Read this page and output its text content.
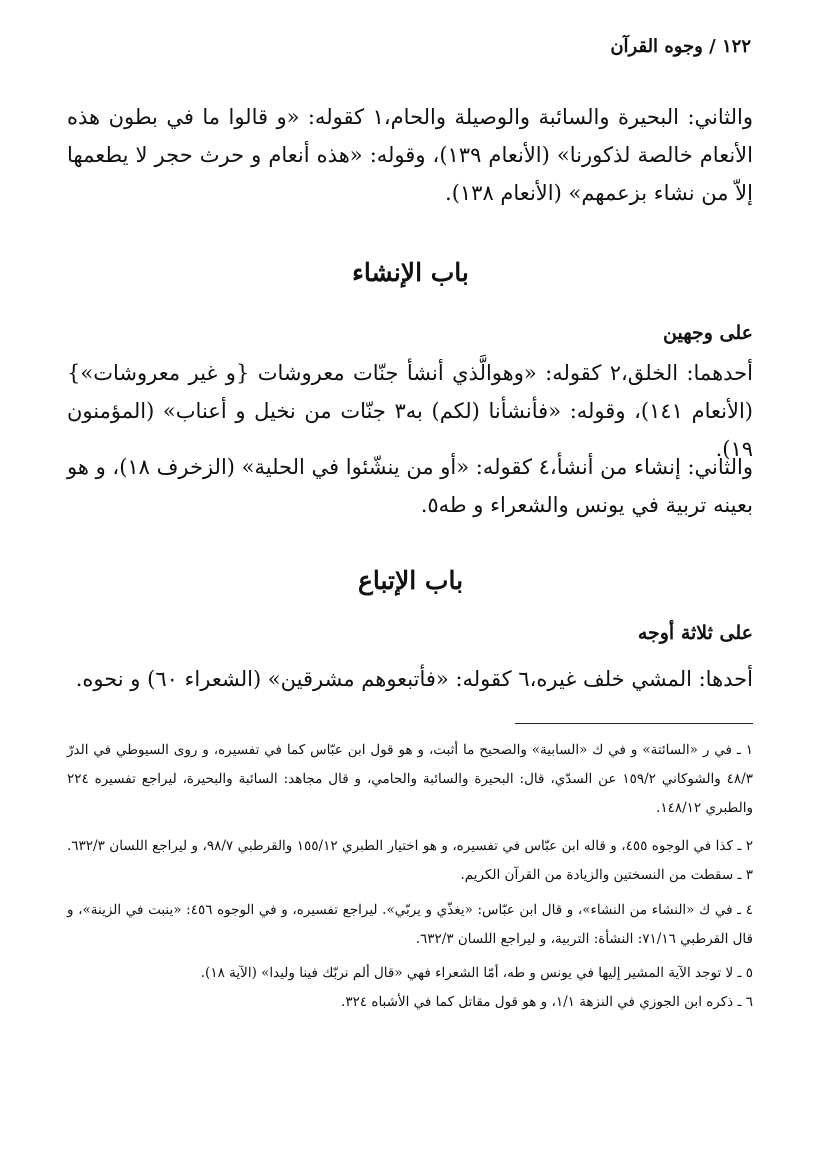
١٢٢ / وجوه القرآن
والثاني: البحيرة والسائبة والوصيلة والحام،١ كقوله: «و قالوا ما في بطون هذه الأنعام خالصة لذكورنا» (الأنعام ١٣٩)، وقوله: «هذه أنعام و حرث حجر لا يطعمها إلاّ من نشاء بزعمهم» (الأنعام ١٣٨).
باب الإنشاء
على وجهين
أحدهما: الخلق،٢ كقوله: «وهوالَّذي أنشأ جنّات معروشات {و غير معروشات»} (الأنعام ١٤١)، وقوله: «فأنشأنا (لكم) به٣ جنّات من نخيل و أعناب» (المؤمنون ١٩).
والثاني: إنشاء من أنشأ،٤ كقوله: «أو من ينشّئوا في الحلية» (الزخرف ١٨)، و هو بعينه تربية في يونس والشعراء و طه٥.
باب الإتباع
على ثلاثة أوجه
أحدها: المشي خلف غيره،٦ كقوله: «فأتبعوهم مشرقين» (الشعراء ٦٠) و نحوه.
١ ـ في ر «السائتة» و في ك «السابية» والصحيح ما أثبت، و هو قول ابن عبّاس كما في تفسيره، و روى السيوطي في الدرّ ٤٨/٣ والشوكاني ١٥٩/٢ عن السدّي، قال: البحيرة والسائبة والحامي، و قال مجاهد: السائبة والبحيرة، ليراجع تفسيره ٢٢٤ والطبري ١٤٨/١٢.
٢ ـ كذا في الوجوه ٤٥٥، و قاله ابن عبّاس في تفسيره، و هو اختيار الطبري ١٥٥/١٢ والقرطبي ٩٨/٧، و ليراجع اللسان ٦٣٢/٣. ٣ ـ سقطت من النسختين والزيادة من القرآن الكريم.
٤ ـ في ك «النشاء من النشاء»، و قال ابن عبّاس: «يغذّي و يربّي». ليراجع تفسيره، و في الوجوه ٤٥٦: «ينبت في الزينة»، و قال القرطبي ٧١/١٦: النشأة: التربية، و ليراجع اللسان ٦٣٢/٣.
٥ ـ لا توجد الآية المشير إليها في يونس و طه، أمّا الشعراء فهي «قال ألم نربّك فينا وليدا» (الآية ١٨).
٦ ـ ذكره ابن الجوزي في النزهة ١/١، و هو قول مقاتل كما في الأشباه ٣٢٤.
